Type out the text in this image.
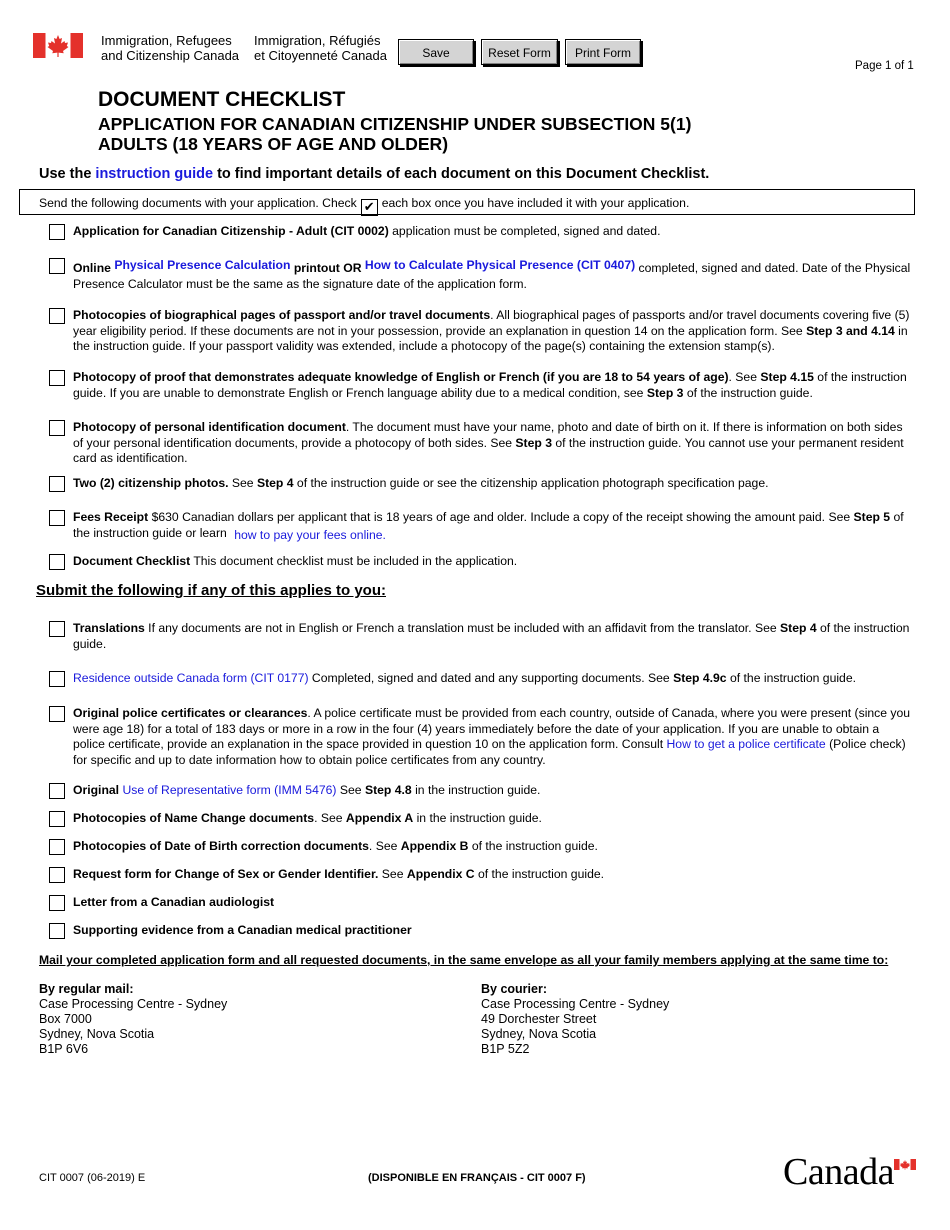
Immigration, Refugees
and Citizenship Canada
Immigration, Réfugiés
et Citoyenneté Canada	Save	Reset Form	Print Form
Page 1 of 1
DOCUMENT CHECKLIST
APPLICATION FOR CANADIAN CITIZENSHIP UNDER SUBSECTION 5(1)
ADULTS (18 YEARS OF AGE AND OLDER)
Use the instruction guide to find important details of each document on this Document Checklist.
Send the following documents with your application. Check ✔ each box once you have included it with your application.
Application for Canadian Citizenship - Adult (CIT 0002) application must be completed, signed and dated.
Online Physical Presence Calculation printout OR How to Calculate Physical Presence (CIT 0407) completed, signed and dated. Date of the Physical Presence Calculator must be the same as the signature date of the application form.
Photocopies of biographical pages of passport and/or travel documents. All biographical pages of passports and/or travel documents covering five (5) year eligibility period. If these documents are not in your possession, provide an explanation in question 14 on the application form. See Step 3 and 4.14 in the instruction guide. If your passport validity was extended, include a photocopy of the page(s) containing the extension stamp(s).
Photocopy of proof that demonstrates adequate knowledge of English or French (if you are 18 to 54 years of age). See Step 4.15 of the instruction guide. If you are unable to demonstrate English or French language ability due to a medical condition, see Step 3 of the instruction guide.
Photocopy of personal identification document. The document must have your name, photo and date of birth on it. If there is information on both sides of your personal identification documents, provide a photocopy of both sides. See Step 3 of the instruction guide. You cannot use your permanent resident card as identification.
Two (2) citizenship photos. See Step 4 of the instruction guide or see the citizenship application photograph specification page.
Fees Receipt $630 Canadian dollars per applicant that is 18 years of age and older. Include a copy of the receipt showing the amount paid. See Step 5 of the instruction guide or learn how to pay your fees online.
Document Checklist This document checklist must be included in the application.
Submit the following if any of this applies to you:
Translations If any documents are not in English or French a translation must be included with an affidavit from the translator. See Step 4 of the instruction guide.
Residence outside Canada form (CIT 0177) Completed, signed and dated and any supporting documents. See Step 4.9c of the instruction guide.
Original police certificates or clearances. A police certificate must be provided from each country, outside of Canada, where you were present (since you were age 18) for a total of 183 days or more in a row in the four (4) years immediately before the date of your application. If you are unable to obtain a police certificate, provide an explanation in the space provided in question 10 on the application form. Consult How to get a police certificate (Police check) for specific and up to date information how to obtain police certificates from any country.
Original Use of Representative form (IMM 5476) See Step 4.8 in the instruction guide.
Photocopies of Name Change documents. See Appendix A in the instruction guide.
Photocopies of Date of Birth correction documents. See Appendix B of the instruction guide.
Request form for Change of Sex or Gender Identifier. See Appendix C of the instruction guide.
Letter from a Canadian audiologist
Supporting evidence from a Canadian medical practitioner
Mail your completed application form and all requested documents, in the same envelope as all your family members applying at the same time to:
By regular mail:
Case Processing Centre - Sydney
Box 7000
Sydney, Nova Scotia
B1P 6V6
By courier:
Case Processing Centre - Sydney
49 Dorchester Street
Sydney, Nova Scotia
B1P 5Z2
CIT 0007 (06-2019) E	(DISPONIBLE EN FRANÇAIS - CIT 0007 F)	Canada
